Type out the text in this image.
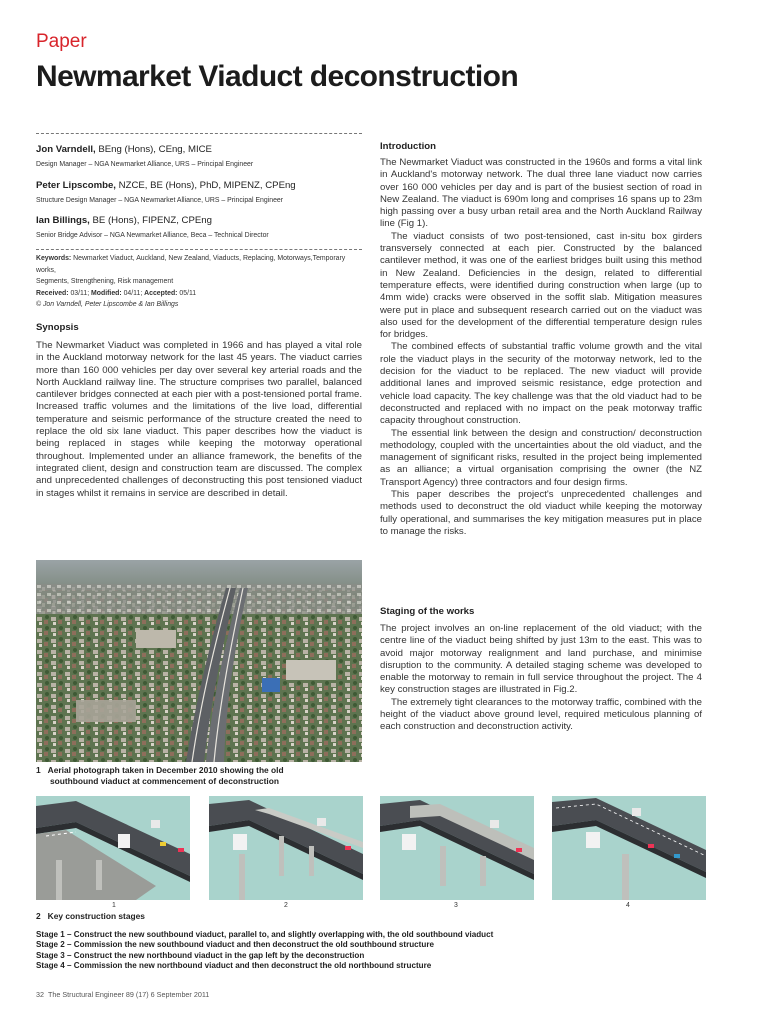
Paper
Newmarket Viaduct deconstruction
Jon Varndell, BEng (Hons), CEng, MICE
Design Manager – NGA Newmarket Alliance, URS – Principal Engineer
Peter Lipscombe, NZCE, BE (Hons), PhD, MIPENZ, CPEng
Structure Design Manager – NGA Newmarket Alliance, URS – Principal Engineer
Ian Billings, BE (Hons), FIPENZ, CPEng
Senior Bridge Advisor – NGA Newmarket Alliance, Beca – Technical Director
Keywords: Newmarket Viaduct, Auckland, New Zealand, Viaducts, Replacing, Motorways,Temporary works,
Segments, Strengthening, Risk management
Received: 03/11; Modified: 04/11; Accepted: 05/11
© Jon Varndell, Peter Lipscombe & Ian Billings
Synopsis

The Newmarket Viaduct was completed in 1966 and has played a vital role in the Auckland motorway network for the last 45 years. The viaduct carries more than 160 000 vehicles per day over several key arterial roads and the North Auckland railway line. The structure comprises two parallel, balanced cantilever bridges connected at each pier with a post-tensioned portal frame. Increased traffic volumes and the limitations of the live load, differential temperature and seismic performance of the structure created the need to replace the old six lane viaduct. This paper describes how the viaduct is being replaced in stages while keeping the motorway operational throughout. Implemented under an alliance framework, the benefits of the integrated client, design and construction team are discussed. The complex and unprecedented challenges of deconstructing this post tensioned viaduct in stages whilst it remains in service are described in detail.

1 Aerial photograph taken in December 2010 showing the old
southbound viaduct at commencement of deconstruction
Introduction

The Newmarket Viaduct was constructed in the 1960s and forms a vital link in Auckland's motorway network. The dual three lane viaduct now carries over 160 000 vehicles per day and is part of the busiest section of road in New Zealand. The viaduct is 690m long and comprises 16 spans up to 23m high passing over a busy urban retail area and the North Auckland Railway line (Fig 1).

The viaduct consists of two post-tensioned, cast in-situ box girders transversely connected at each pier. Constructed by the balanced cantilever method, it was one of the earliest bridges built using this method in New Zealand. Deficiencies in the design, related to differential temperature effects, were identified during construction when large (up to 4mm wide) cracks were observed in the soffit slab. Mitigation measures were put in place and subsequent research carried out on the viaduct was also used for the development of the differential temperature design rules for bridges.

The combined effects of substantial traffic volume growth and the vital role the viaduct plays in the security of the motorway network, led to the decision for the viaduct to be replaced. The new viaduct will provide additional lanes and improved seismic resistance, edge protection and vehicle load capacity. The key challenge was that the old viaduct had to be deconstructed and replaced with no impact on the peak motorway traffic capacity throughout construction.

The essential link between the design and construction/ deconstruction methodology, coupled with the uncertainties about the old viaduct, and the management of significant risks, resulted in the project being implemented as an alliance; a virtual organisation comprising the owner (the NZ Transport Agency) three contractors and four design firms.

This paper describes the project's unprecedented challenges and methods used to deconstruct the old viaduct while keeping the motorway fully operational, and summarises the key mitigation measures put in place to manage the risks.

Staging of the works

The project involves an on-line replacement of the old viaduct; with the centre line of the viaduct being shifted by just 13m to the east. This was to avoid major motorway realignment and land purchase, and minimise disruption to the community. A detailed staging scheme was developed to enable the motorway to remain in full service throughout the project. The 4 key construction stages are illustrated in Fig.2.

The extremely tight clearances to the motorway traffic, combined with the height of the viaduct above ground level, required meticulous planning of each construction and deconstruction activity.

1	2	3	4
2 Key construction stages
Stage 1 – Construct the new southbound viaduct, parallel to, and slightly overlapping with, the old southbound viaduct
Stage 2 – Commission the new southbound viaduct and then deconstruct the old southbound structure
Stage 3 – Construct the new northbound viaduct in the gap left by the deconstruction
Stage 4 – Commission the new northbound viaduct and then deconstruct the old northbound structure
32 The Structural Engineer 89 (17) 6 September 2011
